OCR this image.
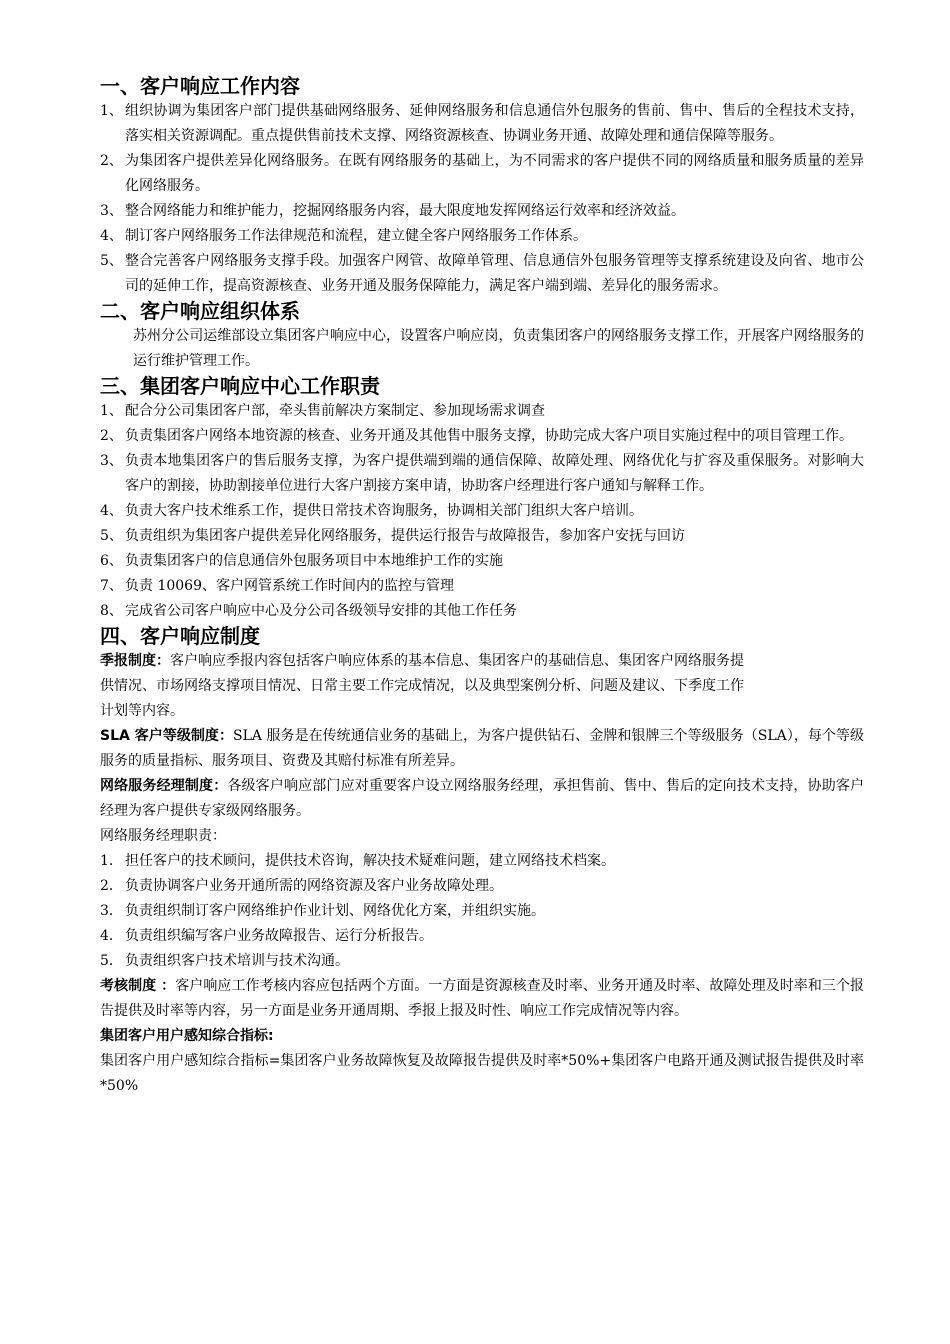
一、客户响应工作内容

1、 组织协调为集团客户部门提供基础网络服务、延伸网络服务和信息通信外包服务的售前、售中、售后的全程技术支持，落实相关资源调配。重点提供售前技术支撑、网络资源核查、协调业务开通、故障处理和通信保障等服务。

2、 为集团客户提供差异化网络服务。在既有网络服务的基础上，为不同需求的客户提供不同的网络质量和服务质量的差异化网络服务。

3、 整合网络能力和维护能力，挖掘网络服务内容，最大限度地发挥网络运行效率和经济效益。

4、 制订客户网络服务工作法律规范和流程，建立健全客户网络服务工作体系。

5、 整合完善客户网络服务支撑手段。加强客户网管、故障单管理、信息通信外包服务管理等支撑系统建设及向省、地市公司的延伸工作，提高资源核查、业务开通及服务保障能力，满足客户端到端、差异化的服务需求。

二、客户响应组织体系

苏州分公司运维部设立集团客户响应中心，设置客户响应岗，负责集团客户的网络服务支撑工作，开展客户网络服务的运行维护管理工作。

三、集团客户响应中心工作职责

1、 配合分公司集团客户部，牵头售前解决方案制定、参加现场需求调查

2、 负责集团客户网络本地资源的核查、业务开通及其他售中服务支撑，协助完成大客户项目实施过程中的项目管理工作。

3、 负责本地集团客户的售后服务支撑，为客户提供端到端的通信保障、故障处理、网络优化与扩容及重保服务。对影响大客户的割接，协助割接单位进行大客户割接方案申请，协助客户经理进行客户通知与解释工作。

4、 负责大客户技术维系工作，提供日常技术咨询服务，协调相关部门组织大客户培训。

5、 负责组织为集团客户提供差异化网络服务，提供运行报告与故障报告，参加客户安抚与回访

6、 负责集团客户的信息通信外包服务项目中本地维护工作的实施

7、 负责 10069、客户网管系统工作时间内的监控与管理

8、 完成省公司客户响应中心及分公司各级领导安排的其他工作任务

四、客户响应制度

季报制度：客户响应季报内容包括客户响应体系的基本信息、集团客户的基础信息、集团客户网络服务提

供情况、市场网络支撑项目情况、日常主要工作完成情况，以及典型案例分析、问题及建议、下季度工作

计划等内容。

SLA 客户等级制度：SLA 服务是在传统通信业务的基础上，为客户提供钻石、金牌和银牌三个等级服务（SLA），每个等级服务的质量指标、服务项目、资费及其赔付标准有所差异。

网络服务经理制度：各级客户响应部门应对重要客户设立网络服务经理，承担售前、售中、售后的定向技术支持，协助客户经理为客户提供专家级网络服务。

网络服务经理职责：

1． 担任客户的技术顾问，提供技术咨询，解决技术疑难问题，建立网络技术档案。

2． 负责协调客户业务开通所需的网络资源及客户业务故障处理。

3． 负责组织制订客户网络维护作业计划、网络优化方案，并组织实施。

4． 负责组织编写客户业务故障报告、运行分析报告。

5． 负责组织客户技术培训与技术沟通。

考核制度 ：客户响应工作考核内容应包括两个方面。一方面是资源核查及时率、业务开通及时率、故障处理及时率和三个报告提供及时率等内容，另一方面是业务开通周期、季报上报及时性、响应工作完成情况等内容。

集团客户用户感知综合指标:

集团客户用户感知综合指标=集团客户业务故障恢复及故障报告提供及时率*50%+集团客户电路开通及测试报告提供及时率*50%
